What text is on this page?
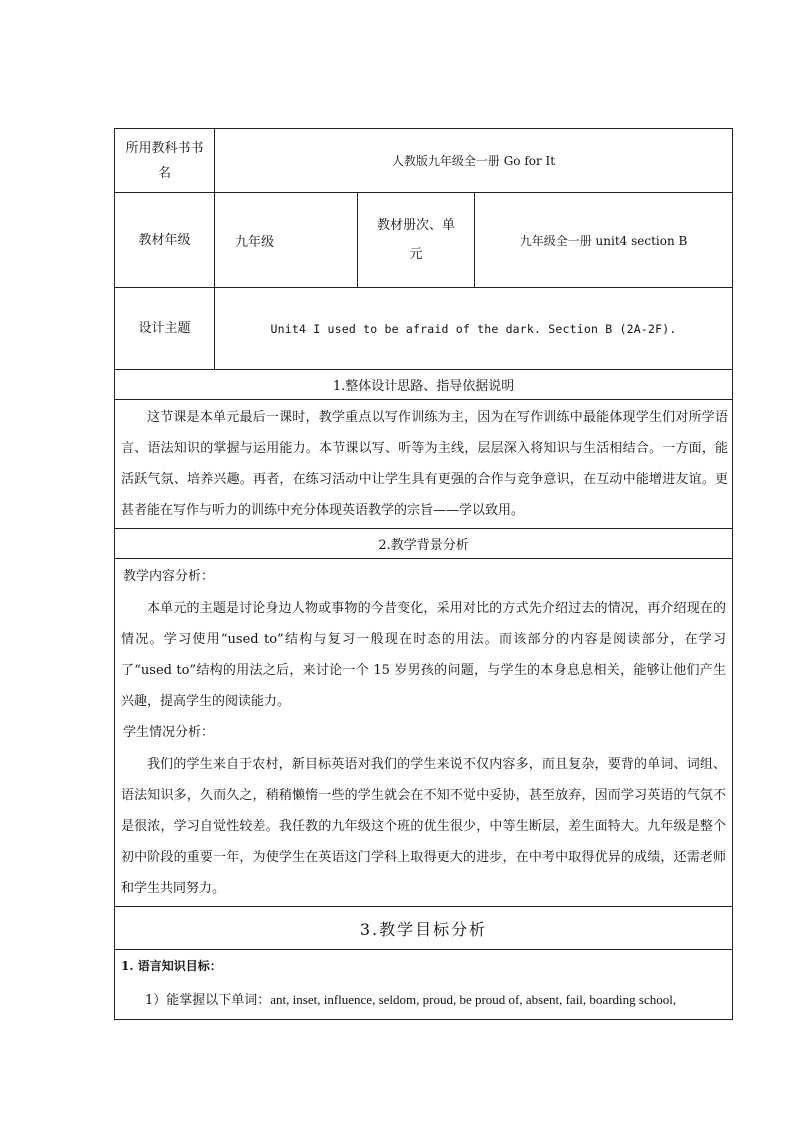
所用教科书书名	人教版九年级全一册 Go for It		
教材年级	九年级	教材册次、单元	九年级全一册 unit4 section B
设计主题	Unit4 I used to be afraid of the dark. Section B (2A-2F).		
1.整体设计思路、指导依据说明			
这节课是本单元最后一课时，教学重点以写作训练为主，因为在写作训练中最能体现学生们对所学语言、语法知识的掌握与运用能力。本节课以写、听等为主线，层层深入将知识与生活相结合。一方面，能活跃气氛、培养兴趣。再者，在练习活动中让学生具有更强的合作与竞争意识，在互动中能增进友谊。更甚者能在写作与听力的训练中充分体现英语教学的宗旨——学以致用。			
2.教学背景分析			

教学内容分析：
本单元的主题是讨论身边人物或事物的今昔变化，采用对比的方式先介绍过去的情况，再介绍现在的情况。学习使用“used to”结构与复习一般现在时态的用法。而该部分的内容是阅读部分，在学习了“used to”结构的用法之后，来讨论一个 15 岁男孩的问题，与学生的本身息息相关，能够让他们产生兴趣，提高学生的阅读能力。
学生情况分析：
我们的学生来自于农村，新目标英语对我们的学生来说不仅内容多，而且复杂，要背的单词、词组、语法知识多，久而久之，稍稍懒惰一些的学生就会在不知不觉中妥协，甚至放弃，因而学习英语的气氛不是很浓，学习自觉性较差。我任教的九年级这个班的优生很少，中等生断层，差生面特大。九年级是整个初中阶段的重要一年，为使学生在英语这门学科上取得更大的进步，在中考中取得优异的成绩，还需老师和学生共同努力。			

3.教学目标分析			

1. 语言知识目标：
1）能掌握以下单词：ant, inset, influence, seldom, proud, be proud of, absent, fail, boarding school,			
